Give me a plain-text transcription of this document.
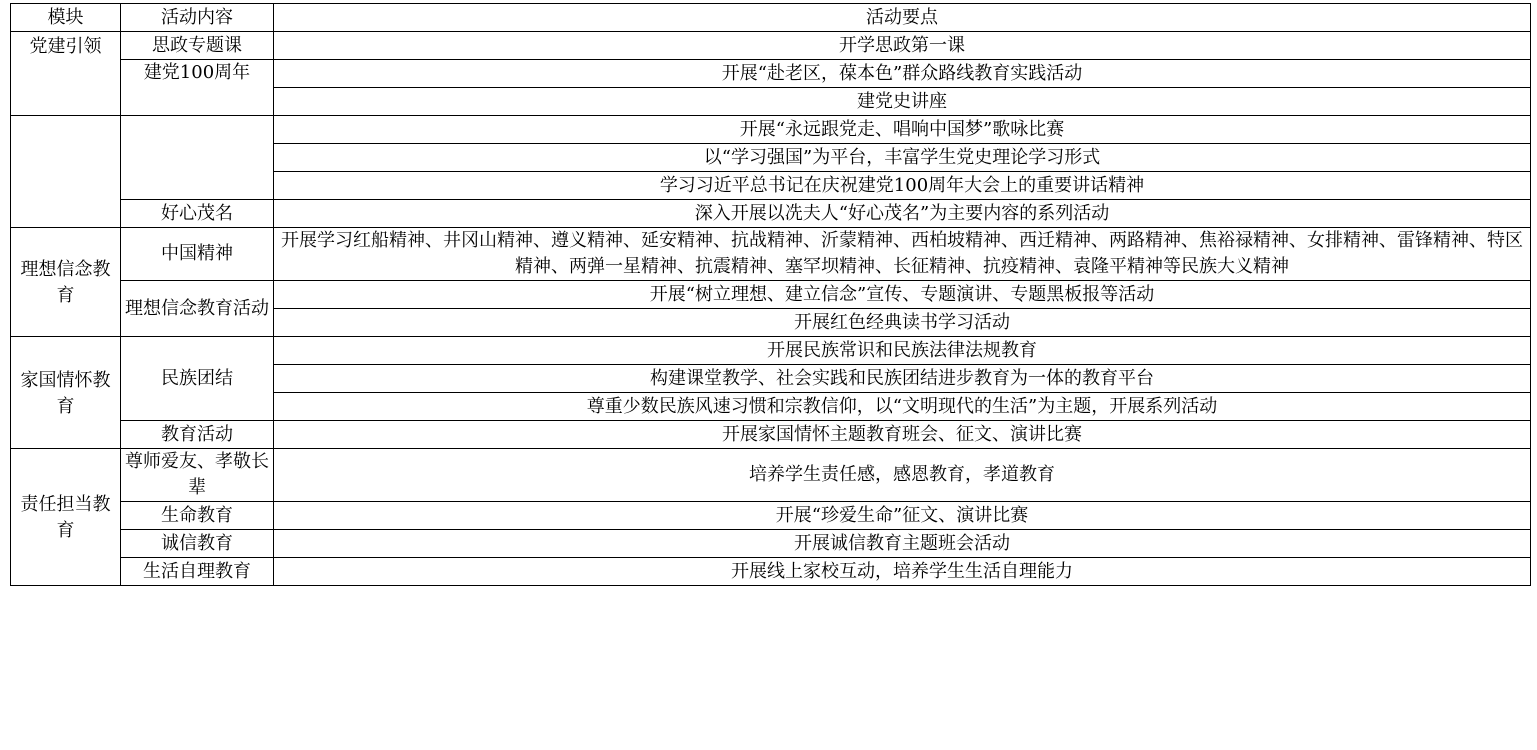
模块	活动内容	活动要点
党建引领	思政专题课	开学思政第一课
	建党100周年	开展“赴老区，葆本色”群众路线教育实践活动
		建党史讲座
		开展“永远跟党走、唱响中国梦”歌咏比赛
		以“学习强国”为平台，丰富学生党史理论学习形式
		学习习近平总书记在庆祝建党100周年大会上的重要讲话精神
	好心茂名	深入开展以冼夫人“好心茂名”为主要内容的系列活动
理想信念教育	中国精神	开展学习红船精神、井冈山精神、遵义精神、延安精神、抗战精神、沂蒙精神、西柏坡精神、西迁精神、两路精神、焦裕禄精神、女排精神、雷锋精神、特区精神、两弹一星精神、抗震精神、塞罕坝精神、长征精神、抗疫精神、袁隆平精神等民族大义精神
	理想信念教育活动	开展“树立理想、建立信念”宣传、专题演讲、专题黑板报等活动
		开展红色经典读书学习活动
家国情怀教育	民族团结	开展民族常识和民族法律法规教育
		构建课堂教学、社会实践和民族团结进步教育为一体的教育平台
		尊重少数民族风速习惯和宗教信仰，以“文明现代的生活”为主题，开展系列活动
	教育活动	开展家国情怀主题教育班会、征文、演讲比赛
责任担当教育	尊师爱友、孝敬长辈	培养学生责任感，感恩教育，孝道教育
	生命教育	开展“珍爱生命”征文、演讲比赛
	诚信教育	开展诚信教育主题班会活动
	生活自理教育	开展线上家校互动，培养学生生活自理能力
